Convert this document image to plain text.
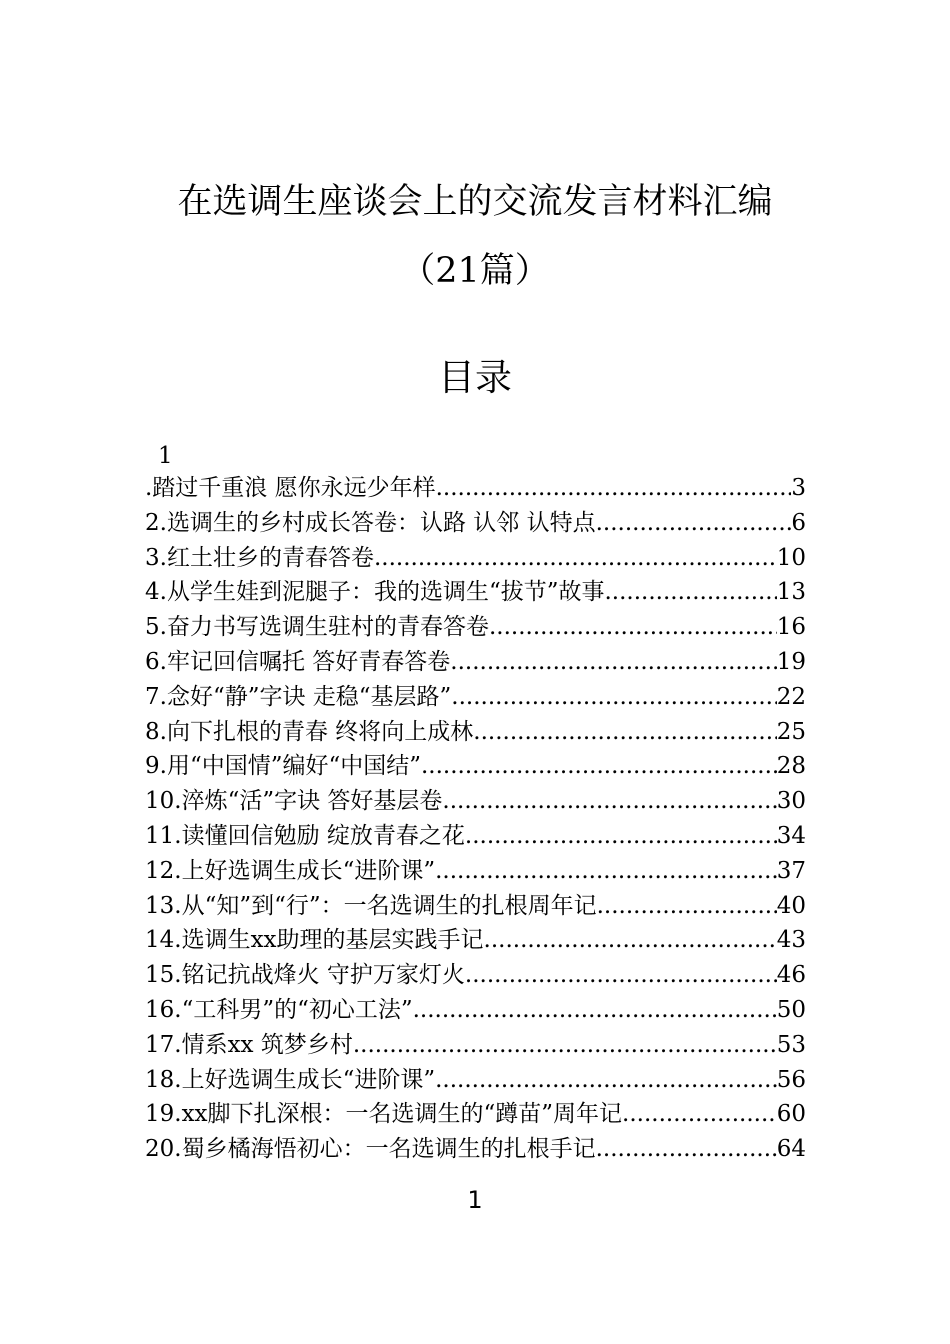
在选调生座谈会上的交流发言材料汇编
（21篇）
目录
1
.踏过千重浪 愿你永远少年样 .....	3
2.选调生的乡村成长答卷：认路 认邻 认特点 .....	6
3.红土壮乡的青春答卷 .....	10
4.从学生娃到泥腿子：我的选调生“拔节”故事 .....	13
5.奋力书写选调生驻村的青春答卷 .....	16
6.牢记回信嘱托 答好青春答卷 .....	19
7.念好“静”字诀 走稳“基层路” .....	22
8.向下扎根的青春 终将向上成林 .....	25
9.用“中国情”编好“中国结” .....	28
10.淬炼“活”字诀 答好基层卷 .....	30
11.读懂回信勉励 绽放青春之花 .....	34
12.上好选调生成长“进阶课” .....	37
13.从“知”到“行”：一名选调生的扎根周年记 .....	40
14.选调生xx助理的基层实践手记 .....	43
15.铭记抗战烽火 守护万家灯火 .....	46
16.“工科男”的“初心工法” .....	50
17.情系xx 筑梦乡村 .....	53
18.上好选调生成长“进阶课” .....	56
19.xx脚下扎深根：一名选调生的“蹲苗”周年记 .....	60
20.蜀乡橘海悟初心：一名选调生的扎根手记 .....	64
1
